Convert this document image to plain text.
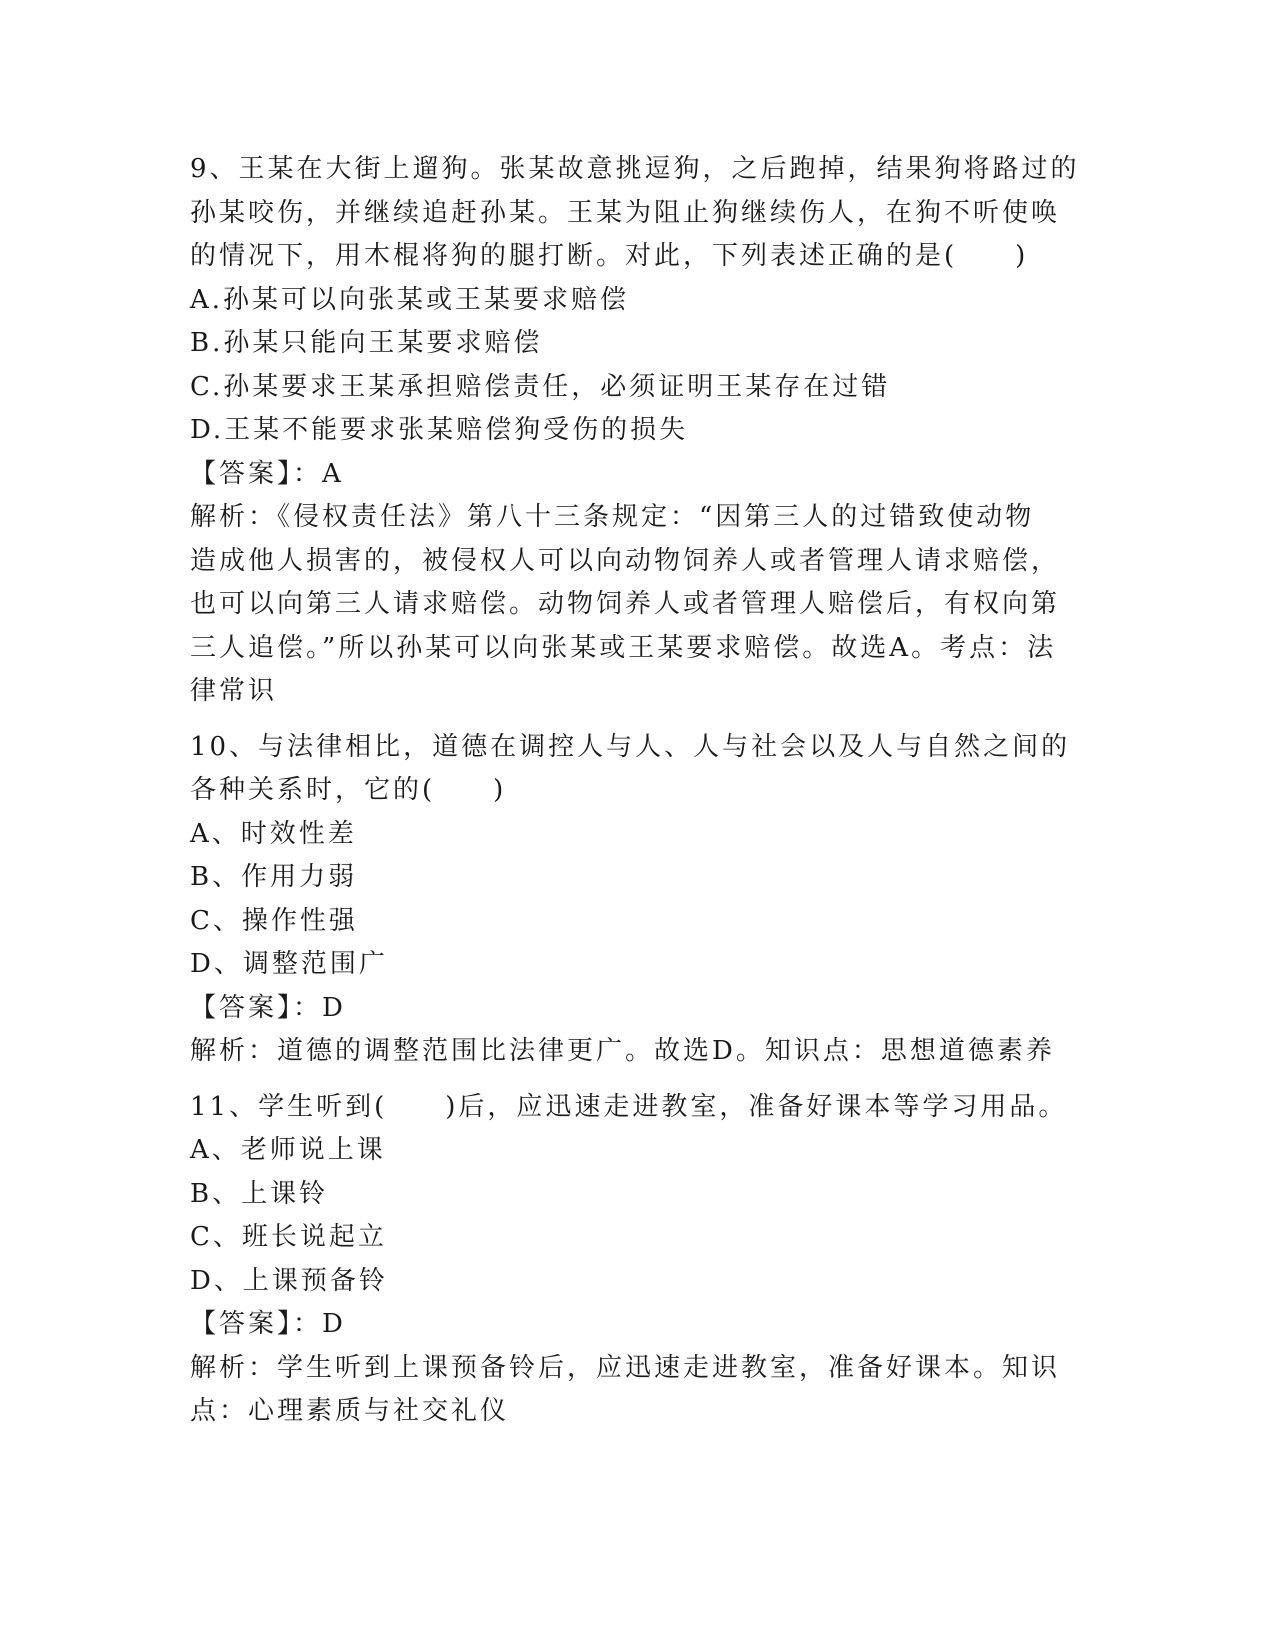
9、王某在大街上遛狗。张某故意挑逗狗，之后跑掉，结果狗将路过的
孙某咬伤，并继续追赶孙某。王某为阻止狗继续伤人，在狗不听使唤
的情况下，用木棍将狗的腿打断。对此，下列表述正确的是(　　)
A.孙某可以向张某或王某要求赔偿
B.孙某只能向王某要求赔偿
C.孙某要求王某承担赔偿责任，必须证明王某存在过错
D.王某不能要求张某赔偿狗受伤的损失
【答案】：A
解析：《侵权责任法》第八十三条规定：“因第三人的过错致使动物
造成他人损害的，被侵权人可以向动物饲养人或者管理人请求赔偿，
也可以向第三人请求赔偿。动物饲养人或者管理人赔偿后，有权向第
三人追偿。”所以孙某可以向张某或王某要求赔偿。故选A。考点：法
律常识
10、与法律相比，道德在调控人与人、人与社会以及人与自然之间的
各种关系时，它的(　　)
A、时效性差
B、作用力弱
C、操作性强
D、调整范围广
【答案】：D
解析：道德的调整范围比法律更广。故选D。知识点：思想道德素养
11、学生听到(　　)后，应迅速走进教室，准备好课本等学习用品。
A、老师说上课
B、上课铃
C、班长说起立
D、上课预备铃
【答案】：D
解析：学生听到上课预备铃后，应迅速走进教室，准备好课本。知识
点：心理素质与社交礼仪
